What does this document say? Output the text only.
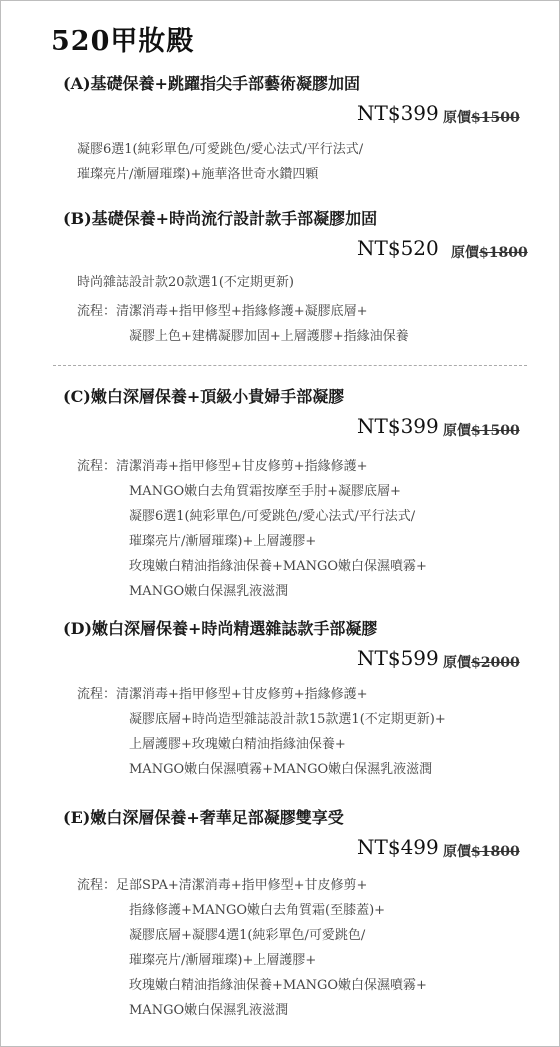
520甲妝殿
(A)基礎保養+跳躍指尖手部藝術凝膠加固
NT$399 原價$1500
凝膠6選1(純彩單色/可愛跳色/愛心法式/平行法式/
璀璨亮片/漸層璀璨)+施華洛世奇水鑽四顆
(B)基礎保養+時尚流行設計款手部凝膠加固
NT$520 原價$1800
時尚雜誌設計款20款選1(不定期更新)
流程：清潔消毒+指甲修型+指緣修護+凝膠底層+
凝膠上色+建構凝膠加固+上層護膠+指緣油保養
(C)嫩白深層保養+頂級小貴婦手部凝膠
NT$399 原價$1500
流程：清潔消毒+指甲修型+甘皮修剪+指緣修護+
MANGO嫩白去角質霜按摩至手肘+凝膠底層+
凝膠6選1(純彩單色/可愛跳色/愛心法式/平行法式/
璀璨亮片/漸層璀璨)+上層護膠+
玫瑰嫩白精油指緣油保養+MANGO嫩白保濕噴霧+
MANGO嫩白保濕乳液滋潤
(D)嫩白深層保養+時尚精選雜誌款手部凝膠
NT$599 原價$2000
流程：清潔消毒+指甲修型+甘皮修剪+指緣修護+
凝膠底層+時尚造型雜誌設計款15款選1(不定期更新)+
上層護膠+玫瑰嫩白精油指緣油保養+
MANGO嫩白保濕噴霧+MANGO嫩白保濕乳液滋潤
(E)嫩白深層保養+奢華足部凝膠雙享受
NT$499 原價$1800
流程：足部SPA+清潔消毒+指甲修型+甘皮修剪+
指緣修護+MANGO嫩白去角質霜(至膝蓋)+
凝膠底層+凝膠4選1(純彩單色/可愛跳色/
璀璨亮片/漸層璀璨)+上層護膠+
玫瑰嫩白精油指緣油保養+MANGO嫩白保濕噴霧+
MANGO嫩白保濕乳液滋潤
